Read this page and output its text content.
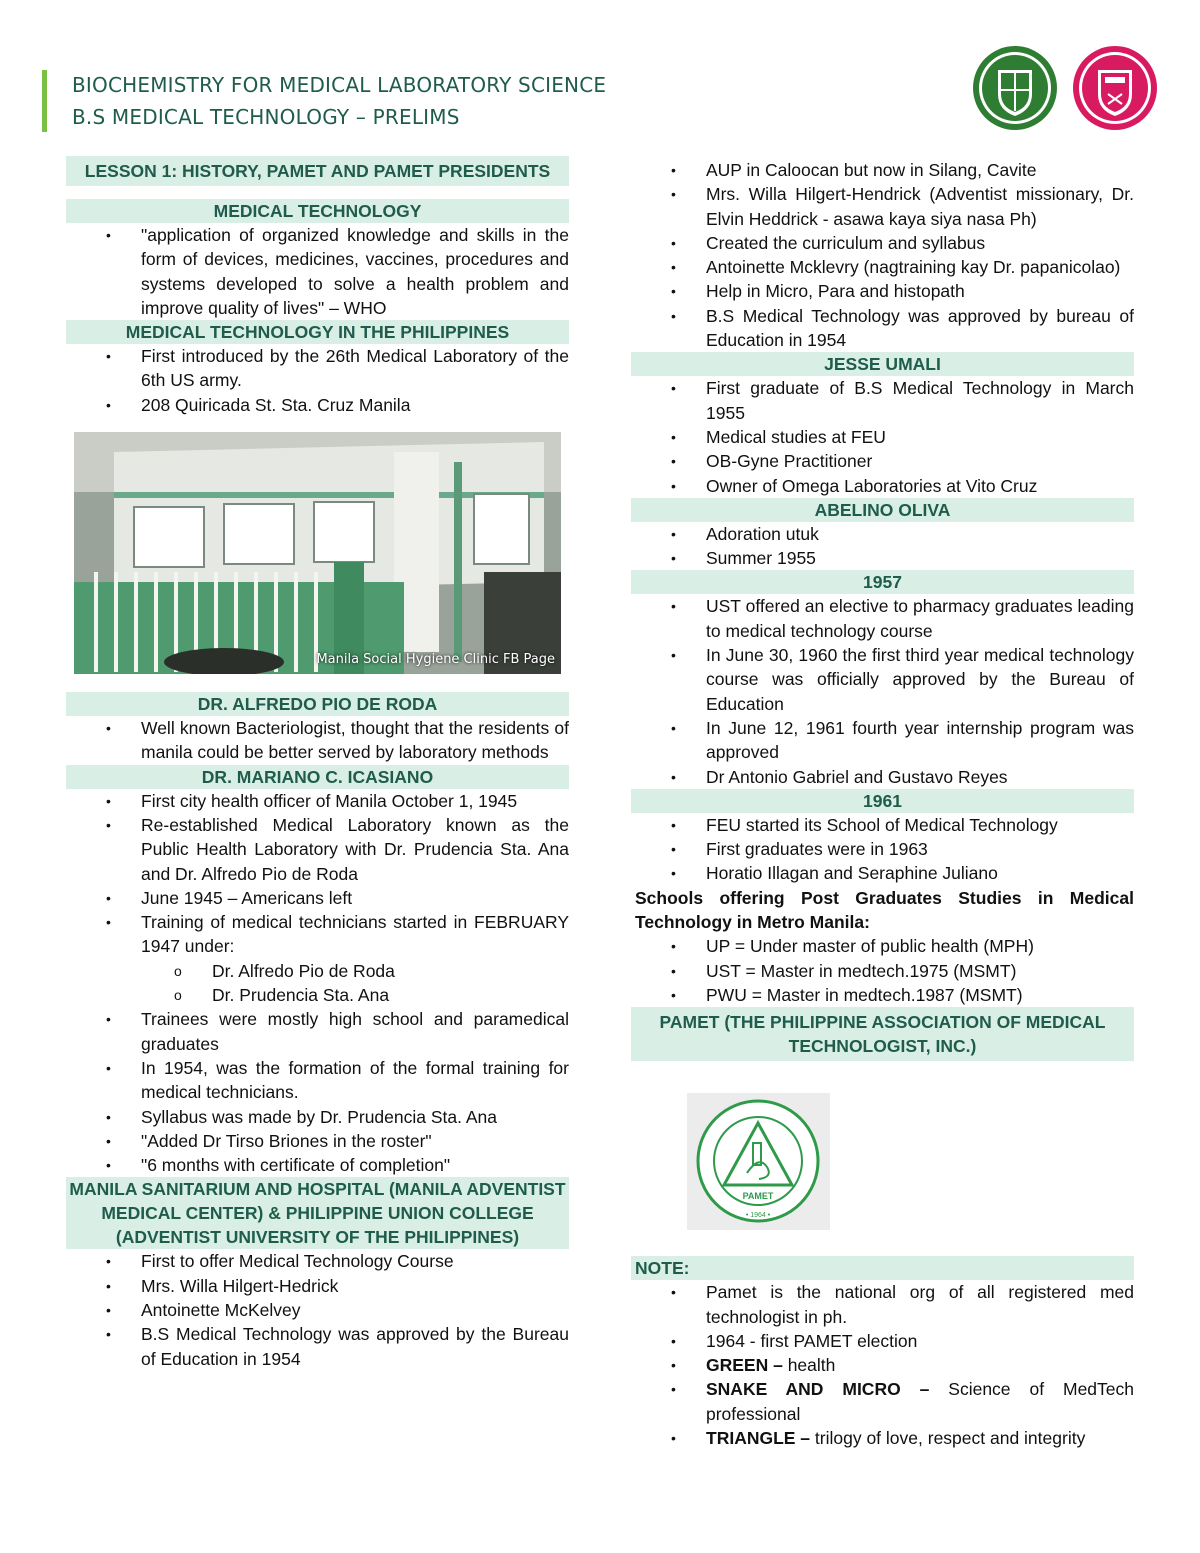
BIOCHEMISTRY FOR MEDICAL LABORATORY SCIENCE
B.S MEDICAL TECHNOLOGY – PRELIMS
LESSON 1: HISTORY, PAMET AND PAMET PRESIDENTS
MEDICAL TECHNOLOGY
• "application of organized knowledge and skills in the form of devices, medicines, vaccines, procedures and systems developed to solve a health problem and improve quality of lives" – WHO
MEDICAL TECHNOLOGY IN THE PHILIPPINES
• First introduced by the 26th Medical Laboratory of the 6th US army.
• 208 Quiricada St. Sta. Cruz Manila
Manila Social Hygiene Clinic FB Page
DR. ALFREDO PIO DE RODA
• Well known Bacteriologist, thought that the residents of manila could be better served by laboratory methods
DR. MARIANO C. ICASIANO
• First city health officer of Manila October 1, 1945
• Re-established Medical Laboratory known as the Public Health Laboratory with Dr. Prudencia Sta. Ana and Dr. Alfredo Pio de Roda
• June 1945 – Americans left
• Training of medical technicians started in FEBRUARY 1947 under:
o Dr. Alfredo Pio de Roda
o Dr. Prudencia Sta. Ana
• Trainees were mostly high school and paramedical graduates
• In 1954, was the formation of the formal training for medical technicians.
• Syllabus was made by Dr. Prudencia Sta. Ana
• "Added Dr Tirso Briones in the roster"
• "6 months with certificate of completion"
MANILA SANITARIUM AND HOSPITAL (MANILA ADVENTIST MEDICAL CENTER) & PHILIPPINE UNION COLLEGE (ADVENTIST UNIVERSITY OF THE PHILIPPINES)
• First to offer Medical Technology Course
• Mrs. Willa Hilgert-Hedrick
• Antoinette McKelvey
• B.S Medical Technology was approved by the Bureau of Education in 1954
• AUP in Caloocan but now in Silang, Cavite
• Mrs. Willa Hilgert-Hendrick (Adventist missionary, Dr. Elvin Heddrick - asawa kaya siya nasa Ph)
• Created the curriculum and syllabus
• Antoinette Mcklevry (nagtraining kay Dr. papanicolao)
• Help in Micro, Para and histopath
• B.S Medical Technology was approved by bureau of Education in 1954
JESSE UMALI
• First graduate of B.S Medical Technology in March 1955
• Medical studies at FEU
• OB-Gyne Practitioner
• Owner of Omega Laboratories at Vito Cruz
ABELINO OLIVA
• Adoration utuk
• Summer 1955
1957
• UST offered an elective to pharmacy graduates leading to medical technology course
• In June 30, 1960 the first third year medical technology course was officially approved by the Bureau of Education
• In June 12, 1961 fourth year internship program was approved
• Dr Antonio Gabriel and Gustavo Reyes
1961
• FEU started its School of Medical Technology
• First graduates were in 1963
• Horatio Illagan and Seraphine Juliano

Schools offering Post Graduates Studies in Medical Technology in Metro Manila:

• UP = Under master of public health (MPH)
• UST = Master in medtech.1975 (MSMT)
• PWU = Master in medtech.1987 (MSMT)
PAMET (THE PHILIPPINE ASSOCIATION OF MEDICAL TECHNOLOGIST, INC.)
PAMET
• 1964 •
NOTE:
• Pamet is the national org of all registered med technologist in ph.
• 1964 - first PAMET election
• GREEN – health
• SNAKE AND MICRO – Science of MedTech professional
• TRIANGLE – trilogy of love, respect and integrity
